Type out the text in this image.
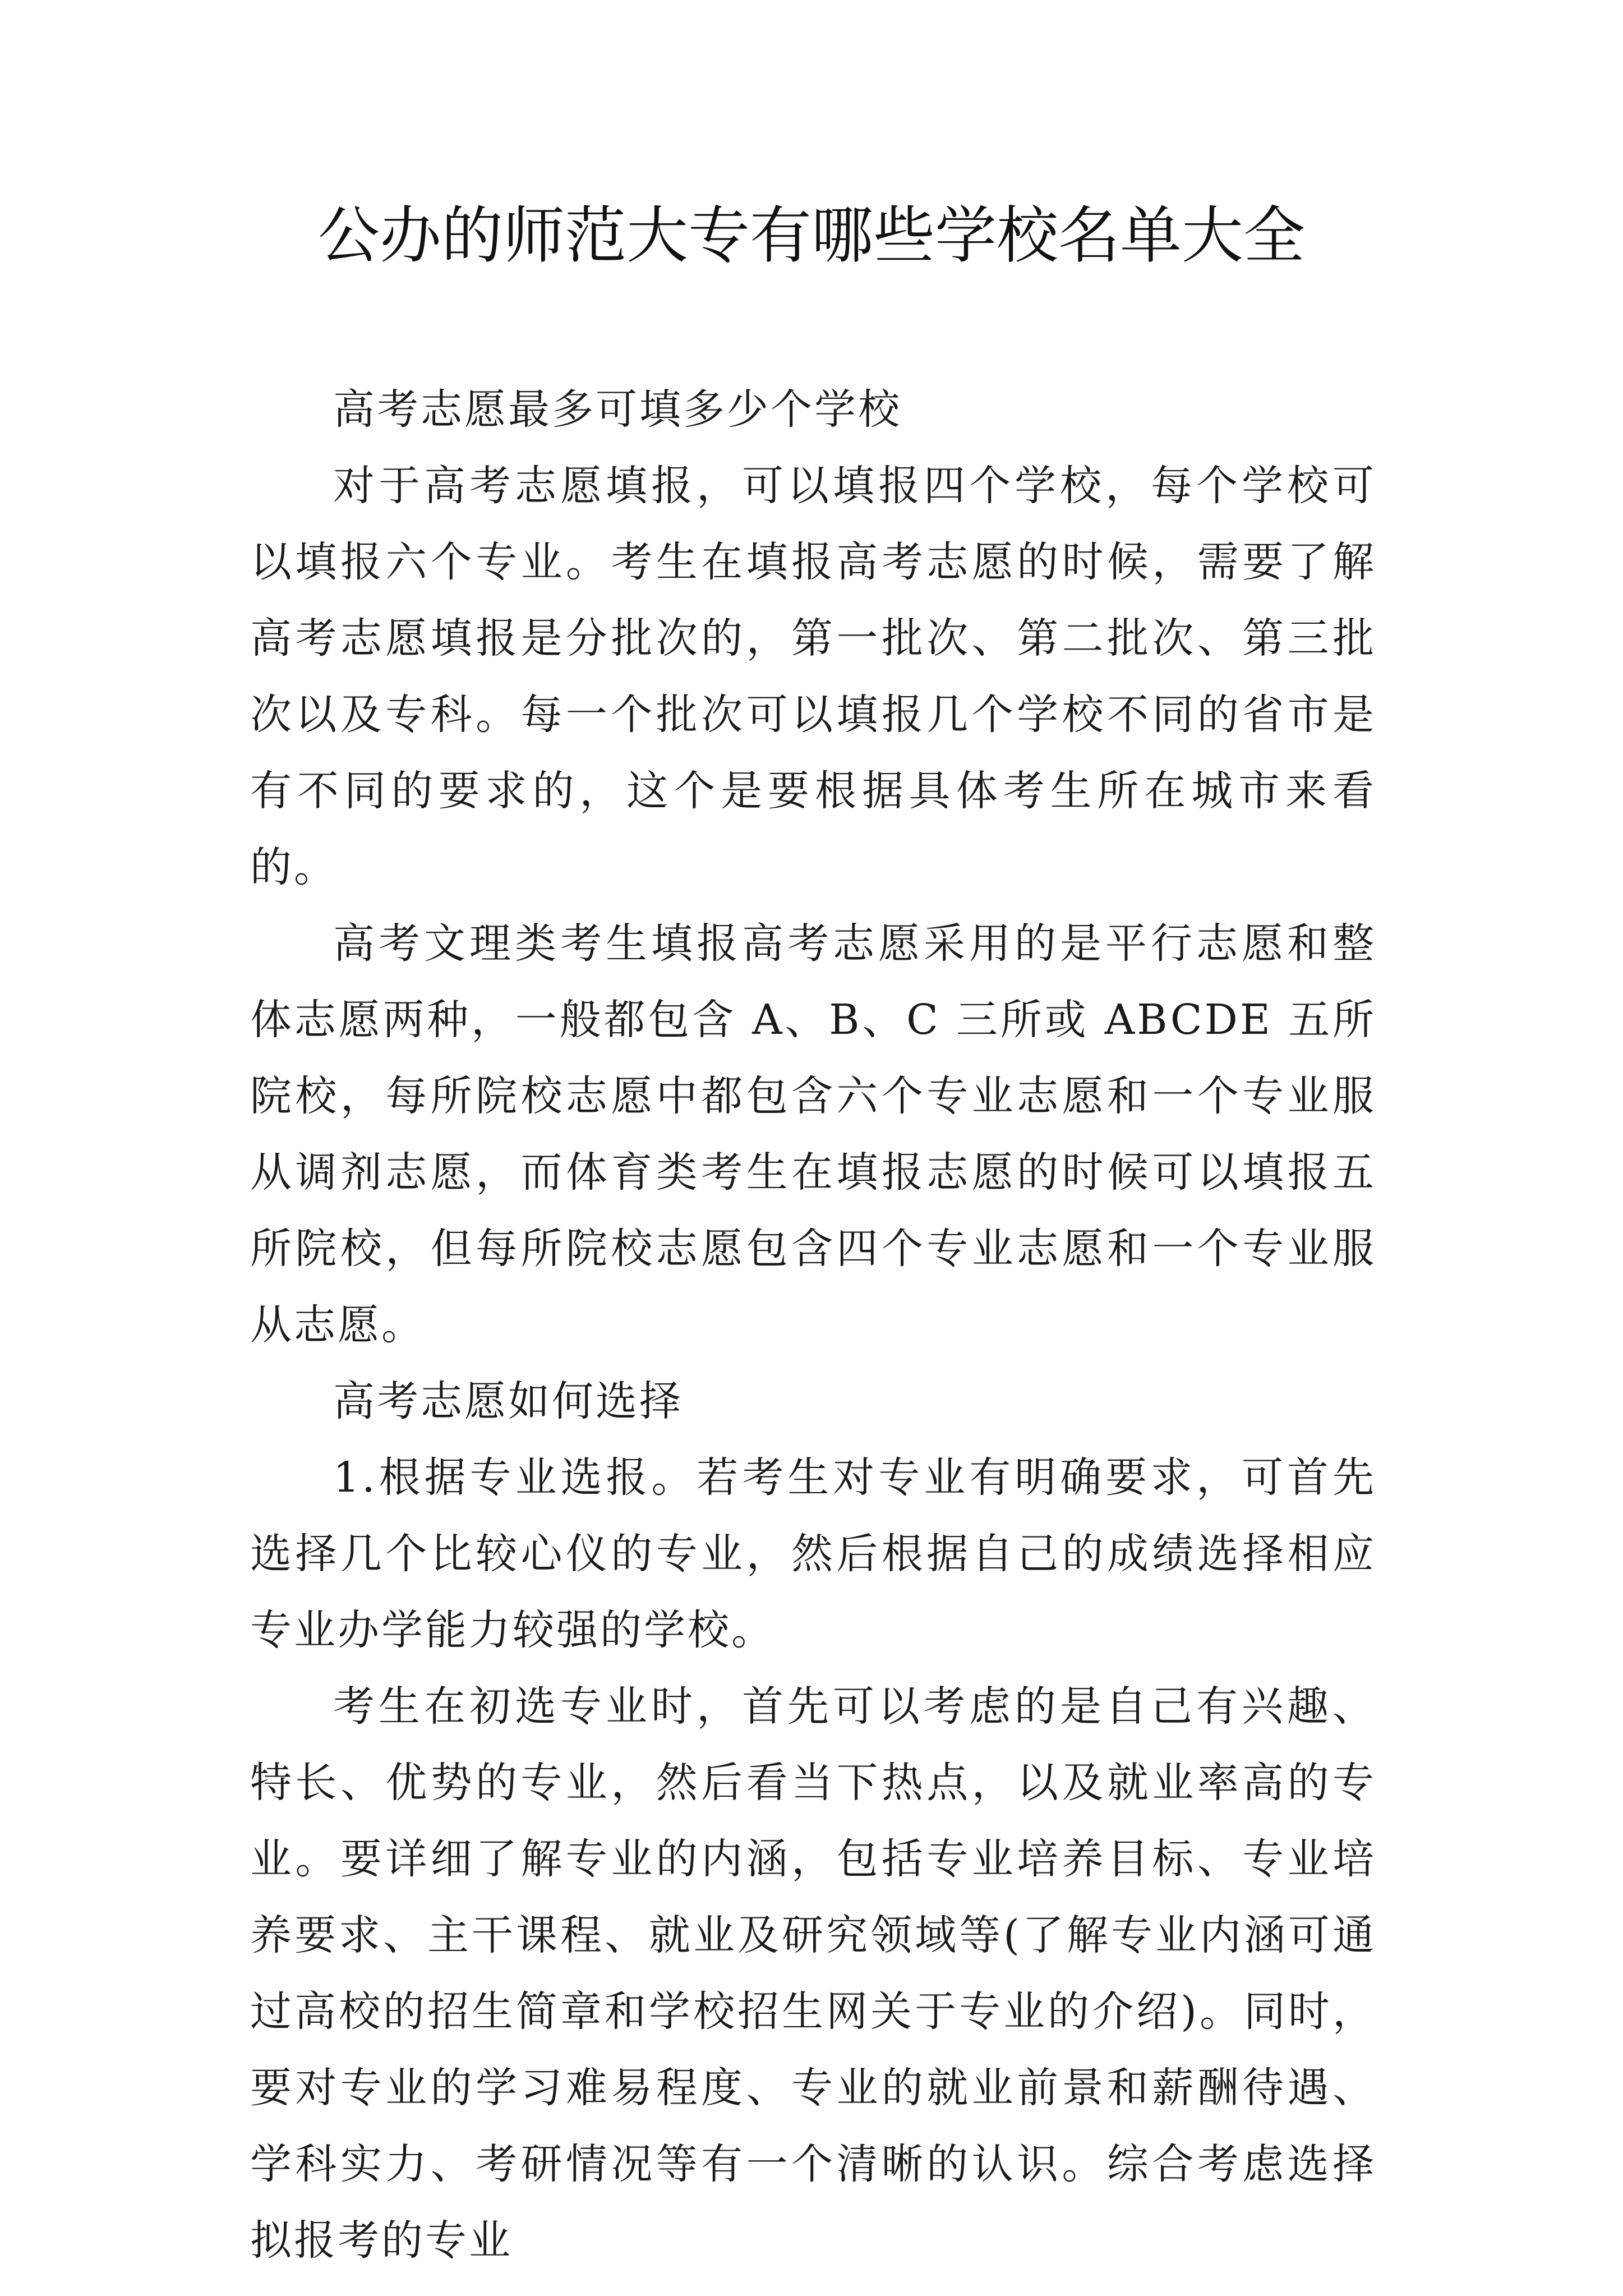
公办的师范大专有哪些学校名单大全

高考志愿最多可填多少个学校

对于高考志愿填报，可以填报四个学校，每个学校可以填报六个专业。考生在填报高考志愿的时候，需要了解高考志愿填报是分批次的，第一批次、第二批次、第三批次以及专科。每一个批次可以填报几个学校不同的省市是有不同的要求的，这个是要根据具体考生所在城市来看的。

高考文理类考生填报高考志愿采用的是平行志愿和整体志愿两种，一般都包含 A、B、C 三所或 ABCDE 五所院校，每所院校志愿中都包含六个专业志愿和一个专业服从调剂志愿，而体育类考生在填报志愿的时候可以填报五所院校，但每所院校志愿包含四个专业志愿和一个专业服从志愿。

高考志愿如何选择

1.根据专业选报。若考生对专业有明确要求，可首先选择几个比较心仪的专业，然后根据自己的成绩选择相应专业办学能力较强的学校。

考生在初选专业时，首先可以考虑的是自己有兴趣、特长、优势的专业，然后看当下热点，以及就业率高的专业。要详细了解专业的内涵，包括专业培养目标、专业培养要求、主干课程、就业及研究领域等(了解专业内涵可通过高校的招生简章和学校招生网关于专业的介绍)。同时，要对专业的学习难易程度、专业的就业前景和薪酬待遇、学科实力、考研情况等有一个清晰的认识。综合考虑选择拟报考的专业
